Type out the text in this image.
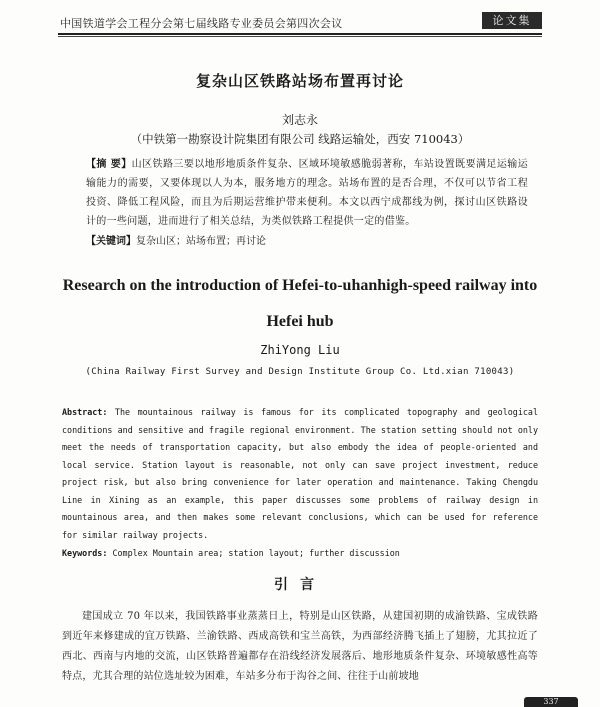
中国铁道学会工程分会第七届线路专业委员会第四次会议	论文集
复杂山区铁路站场布置再讨论
刘志永
（中铁第一勘察设计院集团有限公司 线路运输处，西安 710043）
【摘 要】山区铁路三要以地形地质条件复杂、区域环境敏感脆弱著称，车站设置既要满足运输运输能力的需要，又要体现以人为本，服务地方的理念。站场布置的是否合理，不仅可以节省工程投资、降低工程风险，而且为后期运营维护带来便利。本文以西宁成都线为例，探讨山区铁路设计的一些问题，进而进行了相关总结，为类似铁路工程提供一定的借鉴。
【关键词】复杂山区；站场布置；再讨论
Research on the introduction of Hefei-to-uhanhigh-speed railway into Hefei hub
ZhiYong Liu
(China Railway First Survey and Design Institute Group Co. Ltd.xian 710043)
Abstract: The mountainous railway is famous for its complicated topography and geological conditions and sensitive and fragile regional environment. The station setting should not only meet the needs of transportation capacity, but also embody the idea of people-oriented and local service. Station layout is reasonable, not only can save project investment, reduce project risk, but also bring convenience for later operation and maintenance. Taking Chengdu Line in Xining as an example, this paper discusses some problems of railway design in mountainous area, and then makes some relevant conclusions, which can be used for reference for similar railway projects.
Keywords: Complex Mountain area; station layout; further discussion
引言

建国成立 70 年以来，我国铁路事业蒸蒸日上，特别是山区铁路，从建国初期的成渝铁路、宝成铁路到近年来修建成的宜万铁路、兰渝铁路、西成高铁和宝兰高铁，为西部经济腾飞插上了翅膀，尤其拉近了西北、西南与内地的交流，山区铁路普遍都存在沿线经济发展落后、地形地质条件复杂、环境敏感性高等特点，尤其合理的站位选址较为困难，车站多分布于沟谷之间、往往于山前坡地

337
